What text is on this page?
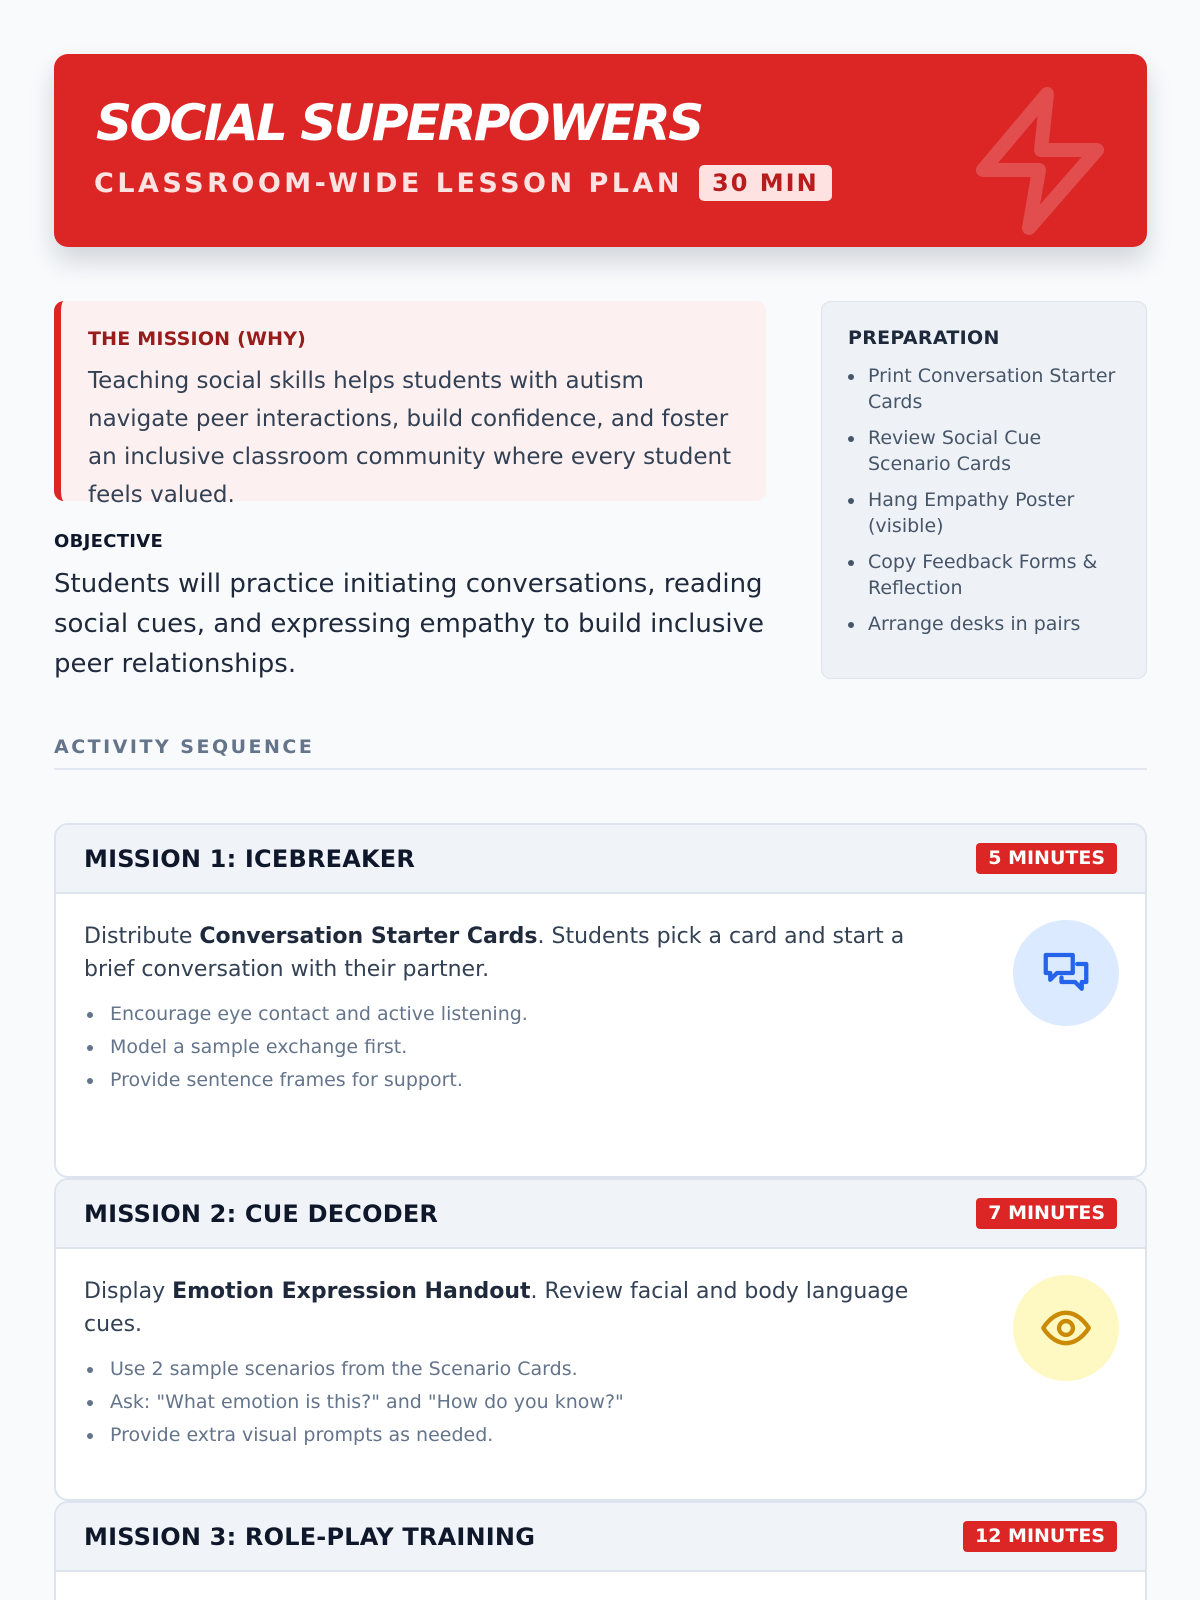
SOCIAL SUPERPOWERS
CLASSROOM-WIDE LESSON PLAN	30 MIN
THE MISSION (WHY)
Teaching social skills helps students with autism navigate peer interactions, build confidence, and foster an inclusive classroom community where every student feels valued.
OBJECTIVE
Students will practice initiating conversations, reading social cues, and expressing empathy to build inclusive peer relationships.
PREPARATION
Print Conversation Starter Cards
Review Social Cue Scenario Cards
Hang Empathy Poster (visible)
Copy Feedback Forms & Reflection
Arrange desks in pairs
ACTIVITY SEQUENCE
MISSION 1: ICEBREAKER	5 MINUTES

Distribute Conversation Starter Cards. Students pick a card and start a brief conversation with their partner.

Encourage eye contact and active listening.
Model a sample exchange first.
Provide sentence frames for support.
MISSION 2: CUE DECODER	7 MINUTES

Display Emotion Expression Handout. Review facial and body language cues.

Use 2 sample scenarios from the Scenario Cards.
Ask: "What emotion is this?" and "How do you know?"
Provide extra visual prompts as needed.
MISSION 3: ROLE-PLAY TRAINING	12 MINUTES
